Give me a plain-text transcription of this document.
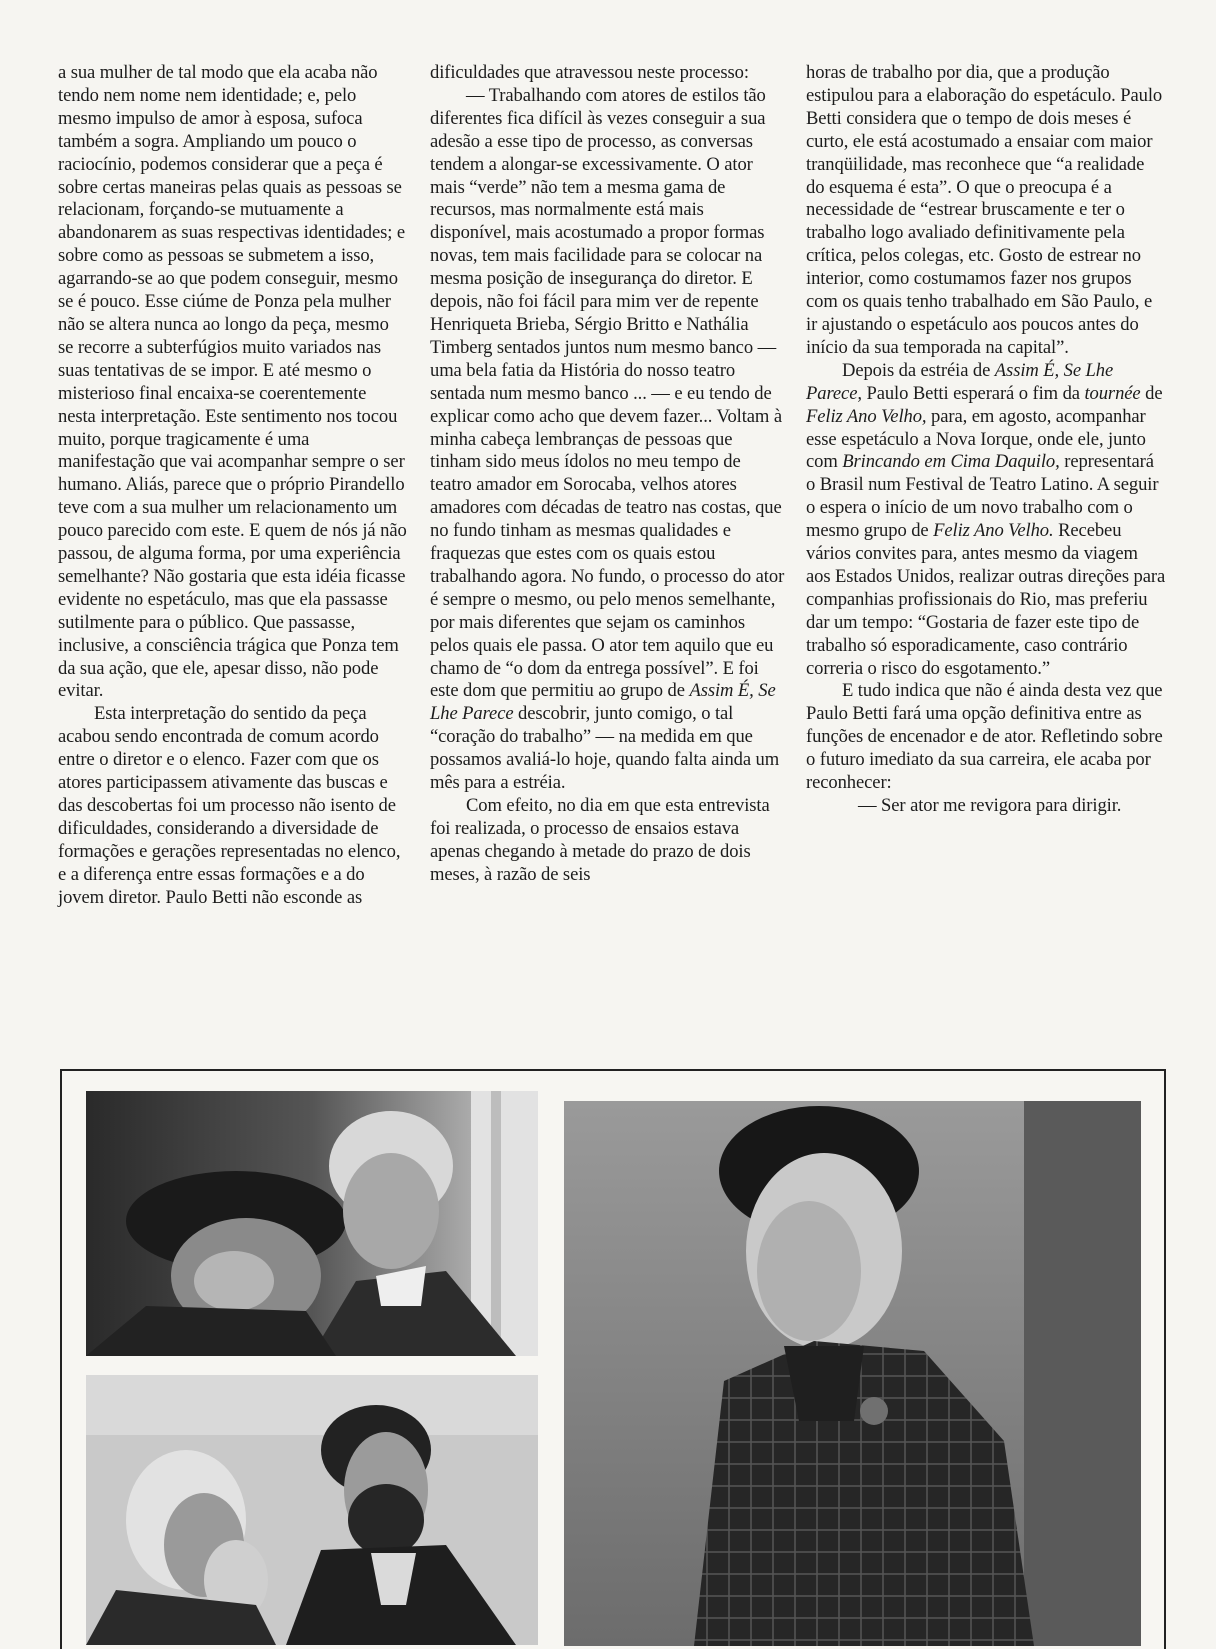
a sua mulher de tal modo que ela acaba não tendo nem nome nem identidade; e, pelo mesmo impulso de amor à esposa, sufoca também a sogra. Ampliando um pouco o raciocínio, podemos considerar que a peça é sobre certas maneiras pelas quais as pessoas se relacionam, forçando-se mutuamente a abandonarem as suas respectivas identidades; e sobre como as pessoas se submetem a isso, agarrando-se ao que podem conseguir, mesmo se é pouco. Esse ciúme de Ponza pela mulher não se altera nunca ao longo da peça, mesmo se recorre a subterfúgios muito variados nas suas tentativas de se impor. E até mesmo o misterioso final encaixa-se coerentemente nesta interpretação. Este sentimento nos tocou muito, porque tragicamente é uma manifestação que vai acompanhar sempre o ser humano. Aliás, parece que o próprio Pirandello teve com a sua mulher um relacionamento um pouco parecido com este. E quem de nós já não passou, de alguma forma, por uma experiência semelhante? Não gostaria que esta idéia ficasse evidente no espetáculo, mas que ela passasse sutilmente para o público. Que passasse, inclusive, a consciência trágica que Ponza tem da sua ação, que ele, apesar disso, não pode evitar.

Esta interpretação do sentido da peça acabou sendo encontrada de comum acordo entre o diretor e o elenco. Fazer com que os atores participassem ativamente das buscas e das descobertas foi um processo não isento de dificuldades, considerando a diversidade de formações e gerações representadas no elenco, e a diferença entre essas formações e a do jovem diretor. Paulo Betti não esconde as

dificuldades que atravessou neste processo:

— Trabalhando com atores de estilos tão diferentes fica difícil às vezes conseguir a sua adesão a esse tipo de processo, as conversas tendem a alongar-se excessivamente. O ator mais “verde” não tem a mesma gama de recursos, mas normalmente está mais disponível, mais acostumado a propor formas novas, tem mais facilidade para se colocar na mesma posição de insegurança do diretor. E depois, não foi fácil para mim ver de repente Henriqueta Brieba, Sérgio Britto e Nathália Timberg sentados juntos num mesmo banco — uma bela fatia da História do nosso teatro sentada num mesmo banco ... — e eu tendo de explicar como acho que devem fazer... Voltam à minha cabeça lembranças de pessoas que tinham sido meus ídolos no meu tempo de teatro amador em Sorocaba, velhos atores amadores com décadas de teatro nas costas, que no fundo tinham as mesmas qualidades e fraquezas que estes com os quais estou trabalhando agora. No fundo, o processo do ator é sempre o mesmo, ou pelo menos semelhante, por mais diferentes que sejam os caminhos pelos quais ele passa. O ator tem aquilo que eu chamo de “o dom da entrega possível”. E foi este dom que permitiu ao grupo de Assim É, Se Lhe Parece descobrir, junto comigo, o tal “coração do trabalho” — na medida em que possamos avaliá-lo hoje, quando falta ainda um mês para a estréia.

Com efeito, no dia em que esta entrevista foi realizada, o processo de ensaios estava apenas chegando à metade do prazo de dois meses, à razão de seis

horas de trabalho por dia, que a produção estipulou para a elaboração do espetáculo. Paulo Betti considera que o tempo de dois meses é curto, ele está acostumado a ensaiar com maior tranqüilidade, mas reconhece que “a realidade do esquema é esta”. O que o preocupa é a necessidade de “estrear bruscamente e ter o trabalho logo avaliado definitivamente pela crítica, pelos colegas, etc. Gosto de estrear no interior, como costumamos fazer nos grupos com os quais tenho trabalhado em São Paulo, e ir ajustando o espetáculo aos poucos antes do início da sua temporada na capital”.

Depois da estréia de Assim É, Se Lhe Parece, Paulo Betti esperará o fim da tournée de Feliz Ano Velho, para, em agosto, acompanhar esse espetáculo a Nova Iorque, onde ele, junto com Brincando em Cima Daquilo, representará o Brasil num Festival de Teatro Latino. A seguir o espera o início de um novo trabalho com o mesmo grupo de Feliz Ano Velho. Recebeu vários convites para, antes mesmo da viagem aos Estados Unidos, realizar outras direções para companhias profissionais do Rio, mas preferiu dar um tempo: “Gostaria de fazer este tipo de trabalho só esporadicamente, caso contrário correria o risco do esgotamento.”

E tudo indica que não é ainda desta vez que Paulo Betti fará uma opção definitiva entre as funções de encenador e de ator. Refletindo sobre o futuro imediato da sua carreira, ele acaba por reconhecer:

— Ser ator me revigora para dirigir.
